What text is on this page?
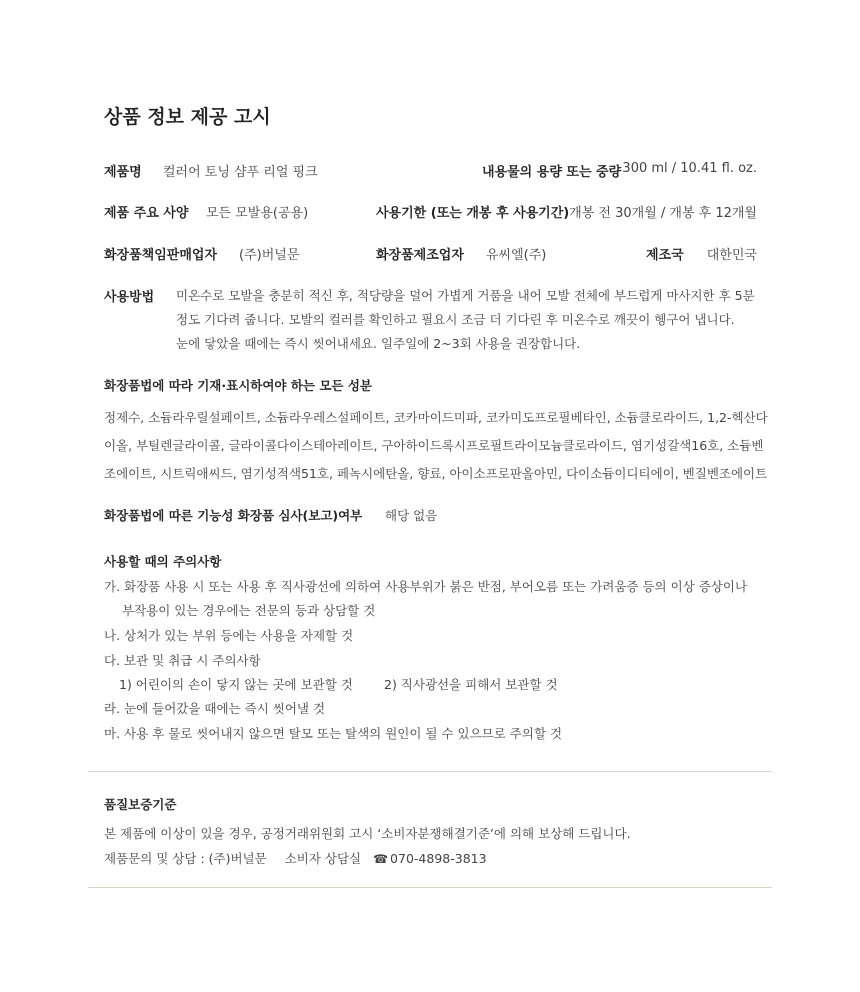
상품 정보 제공 고시
제품명 컬러어 토닝 샴푸 리얼 핑크	내용물의 용량 또는 중량 300 ml / 10.41 fl. oz.
제품 주요 사양 모든 모발용(공용)	사용기한 (또는 개봉 후 사용기간) 개봉 전 30개월 / 개봉 후 12개월
화장품책임판매업자 (주)버널문	화장품제조업자 유씨엘(주)	제조국 대한민국
사용방법 미온수로 모발을 충분히 적신 후, 적당량을 덜어 가볍게 거품을 내어 모발 전체에 부드럽게 마사지한 후 5분
정도 기다려 줍니다. 모발의 컬러를 확인하고 필요시 조금 더 기다린 후 미온수로 깨끗이 헹구어 냅니다.
눈에 닿았을 때에는 즉시 씻어내세요. 일주일에 2~3회 사용을 권장합니다.
화장품법에 따라 기재·표시하여야 하는 모든 성분
정제수, 소듐라우릴설페이트, 소듐라우레스설페이트, 코카마이드미파, 코카미도프로필베타인, 소듐클로라이드, 1,2-헥산다
이올, 부틸렌글라이콜, 글라이콜다이스테아레이트, 구아하이드록시프로필트라이모늄클로라이드, 염기성갈색16호, 소듐벤
조에이트, 시트릭애씨드, 염기성적색51호, 페녹시에탄올, 향료, 아이소프로판올아민, 다이소듐이디티에이, 벤질벤조에이트
화장품법에 따른 기능성 화장품 심사(보고)여부 해당 없음
사용할 때의 주의사항
가. 화장품 사용 시 또는 사용 후 직사광선에 의하여 사용부위가 붉은 반점, 부어오름 또는 가려움증 등의 이상 증상이나
부작용이 있는 경우에는 전문의 등과 상담할 것
나. 상처가 있는 부위 등에는 사용을 자제할 것
다. 보관 및 취급 시 주의사항
1) 어린이의 손이 닿지 않는 곳에 보관할 것 2) 직사광선을 피해서 보관할 것
라. 눈에 들어갔을 때에는 즉시 씻어낼 것
마. 사용 후 물로 씻어내지 않으면 탈모 또는 탈색의 원인이 될 수 있으므로 주의할 것
품질보증기준
본 제품에 이상이 있을 경우, 공정거래위원회 고시 ‘소비자분쟁해결기준’에 의해 보상해 드립니다.
제품문의 및 상담 : (주)버널문 소비자 상담실 ☎ 070-4898-3813
